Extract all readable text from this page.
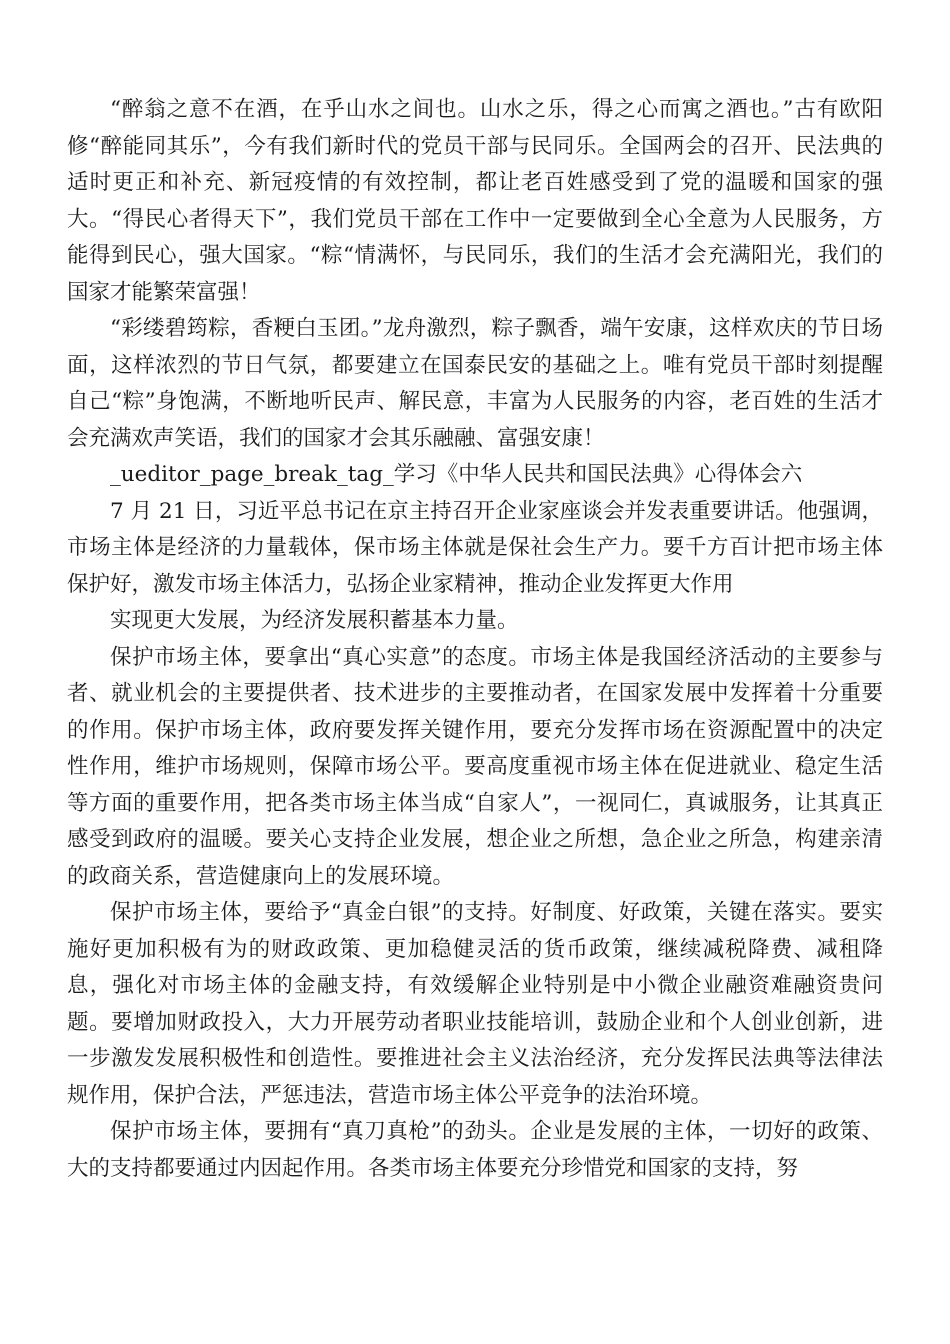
“醉翁之意不在酒，在乎山水之间也。山水之乐，得之心而寓之酒也。”古有欧阳修“醉能同其乐”，今有我们新时代的党员干部与民同乐。全国两会的召开、民法典的适时更正和补充、新冠疫情的有效控制，都让老百姓感受到了党的温暖和国家的强大。“得民心者得天下”，我们党员干部在工作中一定要做到全心全意为人民服务，方能得到民心，强大国家。“粽“情满怀，与民同乐，我们的生活才会充满阳光，我们的国家才能繁荣富强！

“彩缕碧筠粽，香粳白玉团。”龙舟激烈，粽子飘香，端午安康，这样欢庆的节日场面，这样浓烈的节日气氛，都要建立在国泰民安的基础之上。唯有党员干部时刻提醒自己“粽”身饱满，不断地听民声、解民意，丰富为人民服务的内容，老百姓的生活才会充满欢声笑语，我们的国家才会其乐融融、富强安康！

_ueditor_page_break_tag_学习《中华人民共和国民法典》心得体会六

7 月 21 日，习近平总书记在京主持召开企业家座谈会并发表重要讲话。他强调，市场主体是经济的力量载体，保市场主体就是保社会生产力。要千方百计把市场主体保护好，激发市场主体活力，弘扬企业家精神，推动企业发挥更大作用

实现更大发展，为经济发展积蓄基本力量。

保护市场主体，要拿出“真心实意”的态度。市场主体是我国经济活动的主要参与者、就业机会的主要提供者、技术进步的主要推动者，在国家发展中发挥着十分重要的作用。保护市场主体，政府要发挥关键作用，要充分发挥市场在资源配置中的决定性作用，维护市场规则，保障市场公平。要高度重视市场主体在促进就业、稳定生活等方面的重要作用，把各类市场主体当成“自家人”，一视同仁，真诚服务，让其真正感受到政府的温暖。要关心支持企业发展，想企业之所想，急企业之所急，构建亲清的政商关系，营造健康向上的发展环境。

保护市场主体，要给予“真金白银”的支持。好制度、好政策，关键在落实。要实施好更加积极有为的财政政策、更加稳健灵活的货币政策，继续减税降费、减租降息，强化对市场主体的金融支持，有效缓解企业特别是中小微企业融资难融资贵问题。要增加财政投入，大力开展劳动者职业技能培训，鼓励企业和个人创业创新，进一步激发发展积极性和创造性。要推进社会主义法治经济，充分发挥民法典等法律法规作用，保护合法，严惩违法，营造市场主体公平竞争的法治环境。

保护市场主体，要拥有“真刀真枪”的劲头。企业是发展的主体，一切好的政策、大的支持都要通过内因起作用。各类市场主体要充分珍惜党和国家的支持，努
